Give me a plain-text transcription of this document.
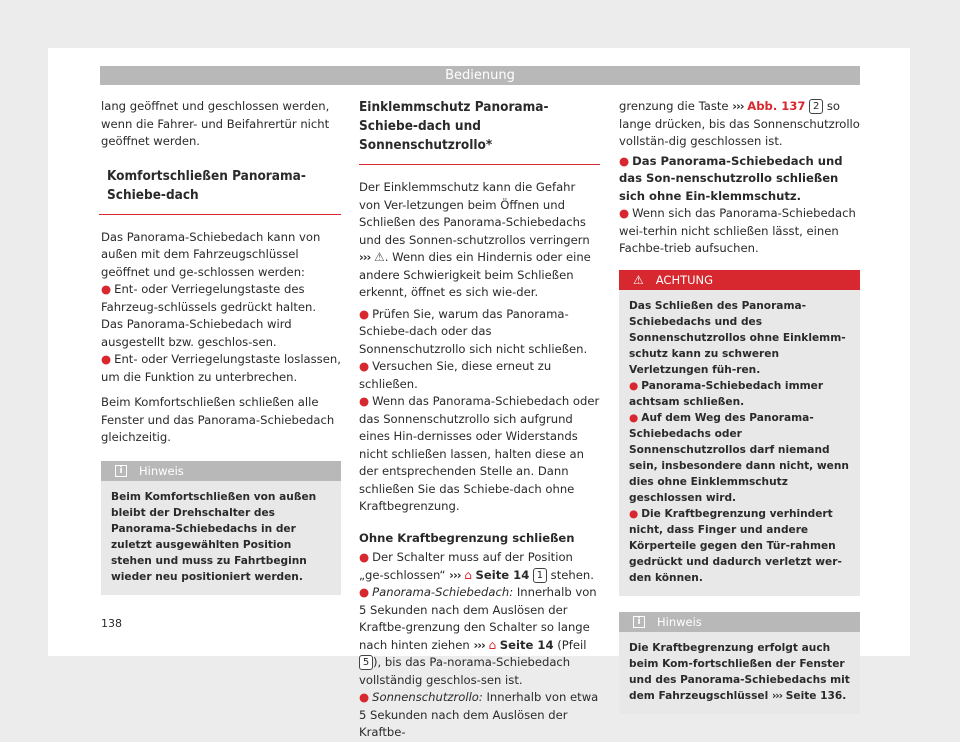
Bedienung

lang geöffnet und geschlossen werden, wenn die Fahrer- und Beifahrertür nicht geöffnet werden.

Komfortschließen Panorama-Schiebe-dach

Das Panorama-Schiebedach kann von außen mit dem Fahrzeugschlüssel geöffnet und ge-schlossen werden:

● Ent- oder Verriegelungstaste des Fahrzeug-schlüssels gedrückt halten. Das Panorama-Schiebedach wird ausgestellt bzw. geschlos-sen.

● Ent- oder Verriegelungstaste loslassen, um die Funktion zu unterbrechen.

Beim Komfortschließen schließen alle Fenster und das Panorama-Schiebedach gleichzeitig.

i	Hinweis
Beim Komfortschließen von außen bleibt der Drehschalter des Panorama-Schiebedachs in der zuletzt ausgewählten Position stehen und muss zu Fahrtbeginn wieder neu positioniert werden.
Einklemmschutz Panorama-Schiebe-dach und Sonnenschutzrollo*

Der Einklemmschutz kann die Gefahr von Ver-letzungen beim Öffnen und Schließen des Panorama-Schiebedachs und des Sonnen-schutzrollos verringern ››› ⚠. Wenn dies ein Hindernis oder eine andere Schwierigkeit beim Schließen erkennt, öffnet es sich wie-der.

● Prüfen Sie, warum das Panorama-Schiebe-dach oder das Sonnenschutzrollo sich nicht schließen.

● Versuchen Sie, diese erneut zu schließen.

● Wenn das Panorama-Schiebedach oder das Sonnenschutzrollo sich aufgrund eines Hin-dernisses oder Widerstands nicht schließen lassen, halten diese an der entsprechenden Stelle an. Dann schließen Sie das Schiebe-dach ohne Kraftbegrenzung.

Ohne Kraftbegrenzung schließen

● Der Schalter muss auf der Position „ge-schlossen“ ››› ⌂ Seite 14 1 stehen.

● Panorama-Schiebedach: Innerhalb von 5 Sekunden nach dem Auslösen der Kraftbe-grenzung den Schalter so lange nach hinten ziehen ››› ⌂ Seite 14 (Pfeil 5 ), bis das Pa-norama-Schiebedach vollständig geschlos-sen ist.

● Sonnenschutzrollo: Innerhalb von etwa 5 Sekunden nach dem Auslösen der Kraftbe-

grenzung die Taste ››› Abb. 137 2 so lange drücken, bis das Sonnenschutzrollo vollstän-dig geschlossen ist.

● Das Panorama-Schiebedach und das Son-nenschutzrollo schließen sich ohne Ein-klemmschutz.

● Wenn sich das Panorama-Schiebedach wei-terhin nicht schließen lässt, einen Fachbe-trieb aufsuchen.

⚠ ACHTUNG
Das Schließen des Panorama-Schiebedachs und des Sonnenschutzrollos ohne Einklemm-schutz kann zu schweren Verletzungen füh-ren.

● Panorama-Schiebedach immer achtsam schließen.

● Auf dem Weg des Panorama-Schiebedachs oder Sonnenschutzrollos darf niemand sein, insbesondere dann nicht, wenn dies ohne Einklemmschutz geschlossen wird.

● Die Kraftbegrenzung verhindert nicht, dass Finger und andere Körperteile gegen den Tür-rahmen gedrückt und dadurch verletzt wer-den können.

i	Hinweis
Die Kraftbegrenzung erfolgt auch beim Kom-fortschließen der Fenster und des Panorama-Schiebedachs mit dem Fahrzeugschlüssel ››› Seite 136.
138
